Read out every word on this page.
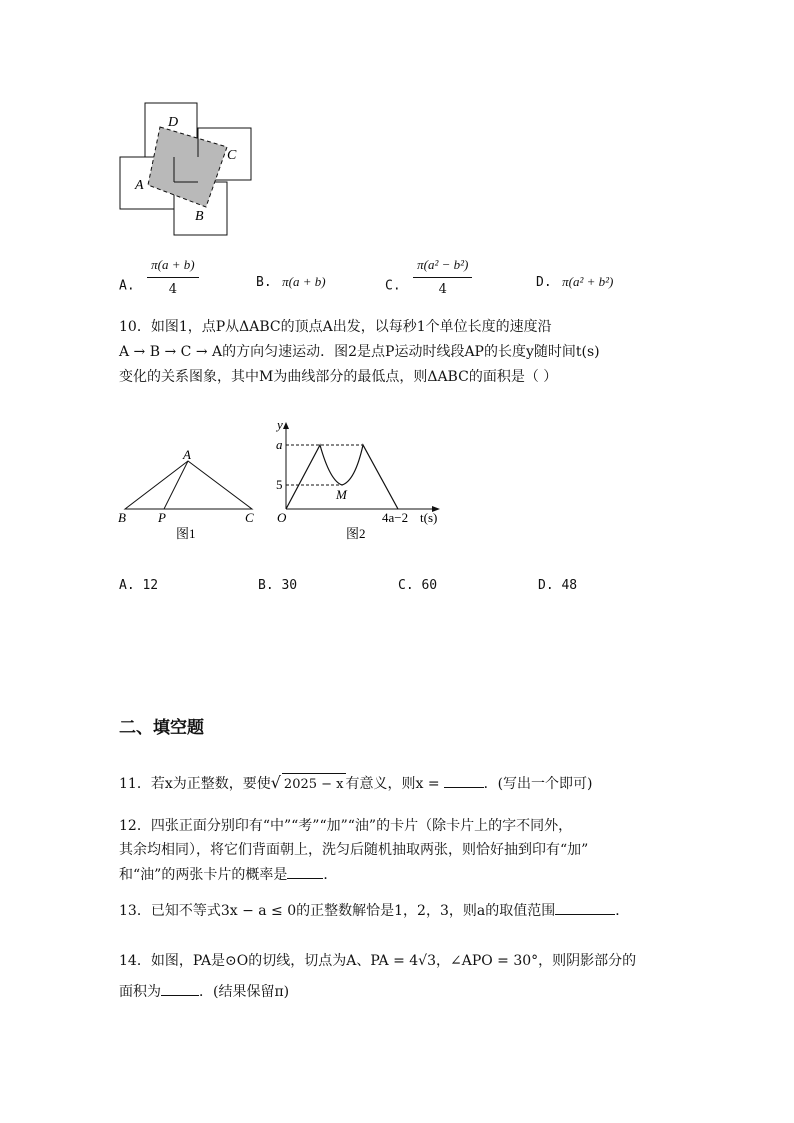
D
C
A
B
A. $\frac{\pi(a + b)}{4}$	B. π(a + b)	C. $\frac{\text{π(a² − b²)}}{4}$	D. π(a² + b²)
10．如图1，点P从ΔABC的顶点A出发，以每秒1个单位长度的速度沿
A → B → C → A的方向匀速运动．图2是点P运动时线段AP的长度y随时间t(s)
变化的关系图象，其中M为曲线部分的最低点，则ΔABC的面积是（ ）
A
B P	C
图1
y
a
5
M
O	4a−2 t(s)
图2
A. 12	B. 30	C. 60	D. 48
二、填空题
11．若x为正整数，要使√ 2025 − x 有意义，则x =	．(写出一个即可)
12．四张正面分别印有“中”“考”“加”“油”的卡片（除卡片上的字不同外，
其余均相同），将它们背面朝上，洗匀后随机抽取两张，则恰好抽到印有“加”
和“油”的两张卡片的概率是	．
13．已知不等式3x − a ≤ 0的正整数解恰是1，2，3，则a的取值范围	．
14．如图，PA是⊙O的切线，切点为A、PA = 4√3，∠APO = 30°，则阴影部分的
面积为	．(结果保留π)
